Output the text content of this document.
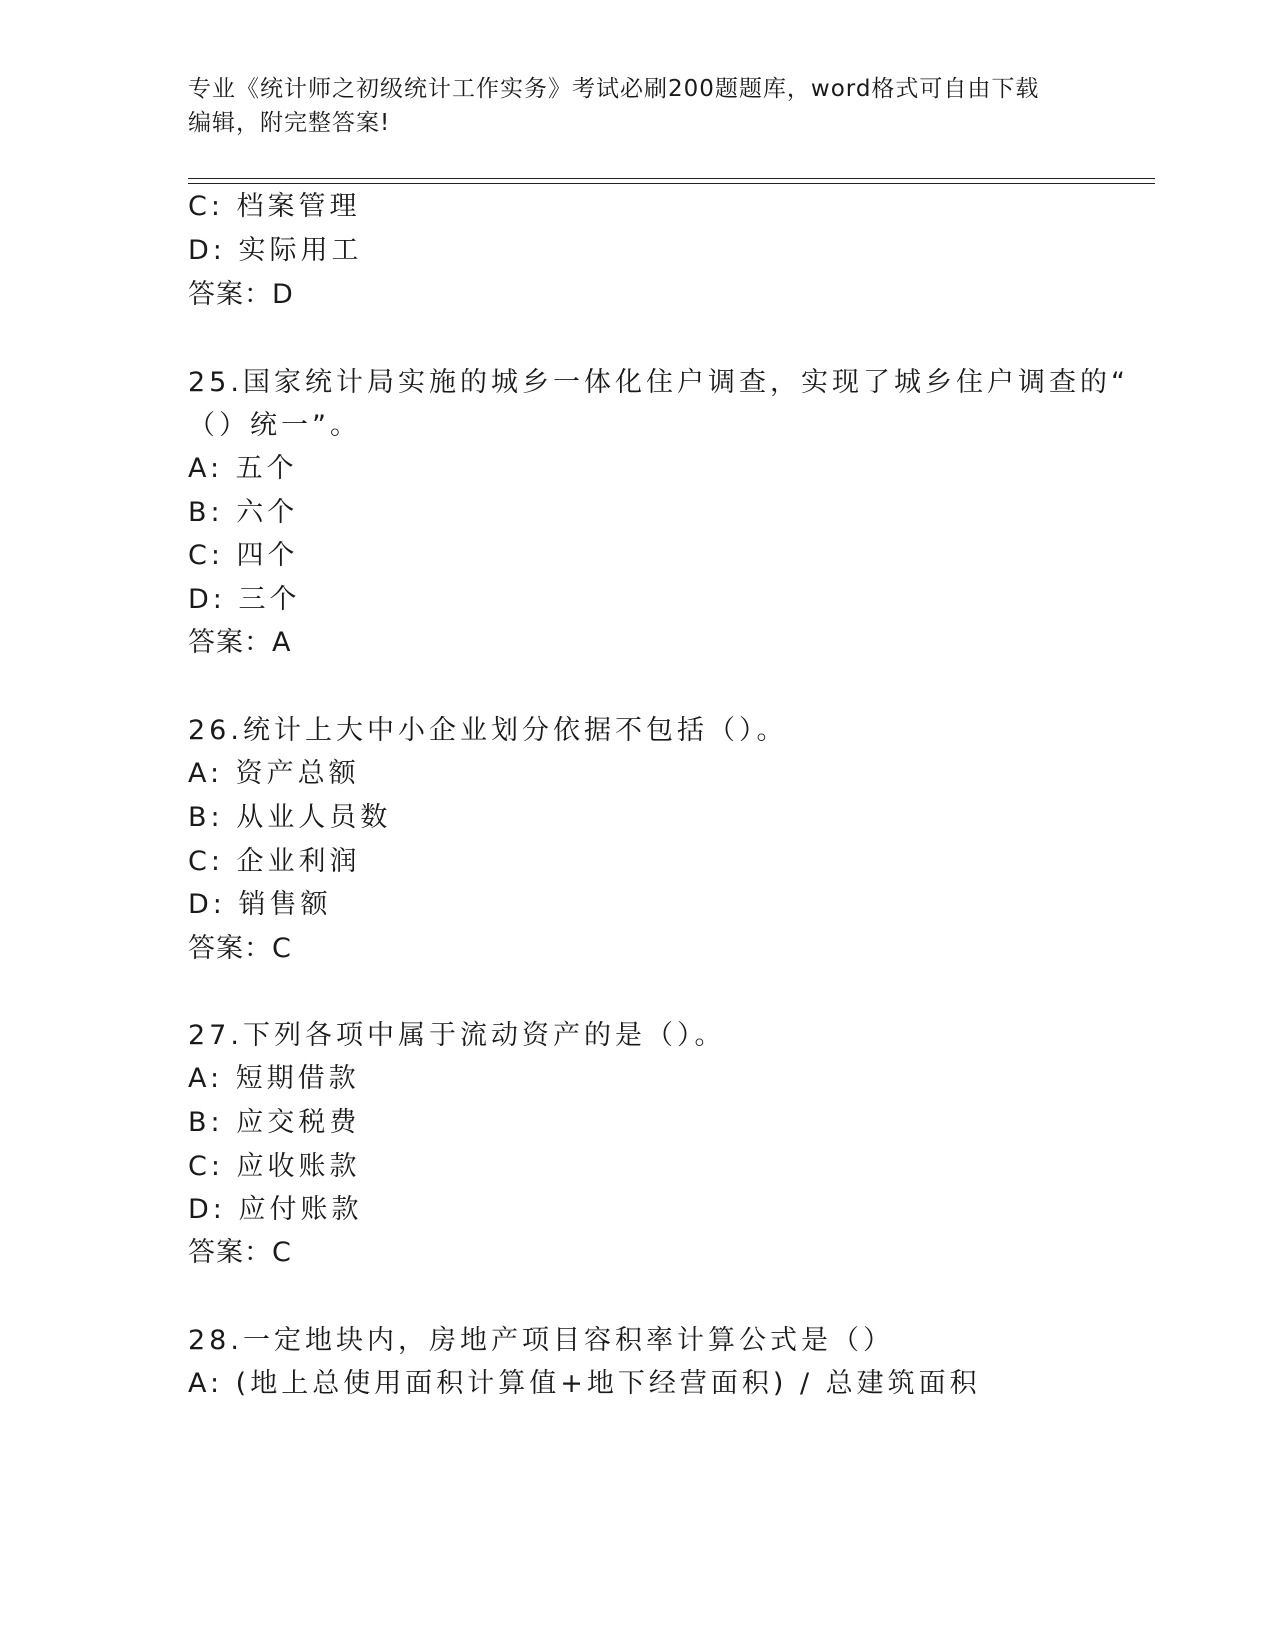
专业《统计师之初级统计工作实务》考试必刷200题题库，word格式可自由下载
编辑，附完整答案!
C: 档案管理
D: 实际用工
答案：D
25.国家统计局实施的城乡一体化住户调查，实现了城乡住户调查的“
（）统一”。
A: 五个
B: 六个
C: 四个
D: 三个
答案：A
26.统计上大中小企业划分依据不包括（）。
A: 资产总额
B: 从业人员数
C: 企业利润
D: 销售额
答案：C
27.下列各项中属于流动资产的是（）。
A: 短期借款
B: 应交税费
C: 应收账款
D: 应付账款
答案：C
28.一定地块内，房地产项目容积率计算公式是（）
A: (地上总使用面积计算值+地下经营面积) / 总建筑面积
